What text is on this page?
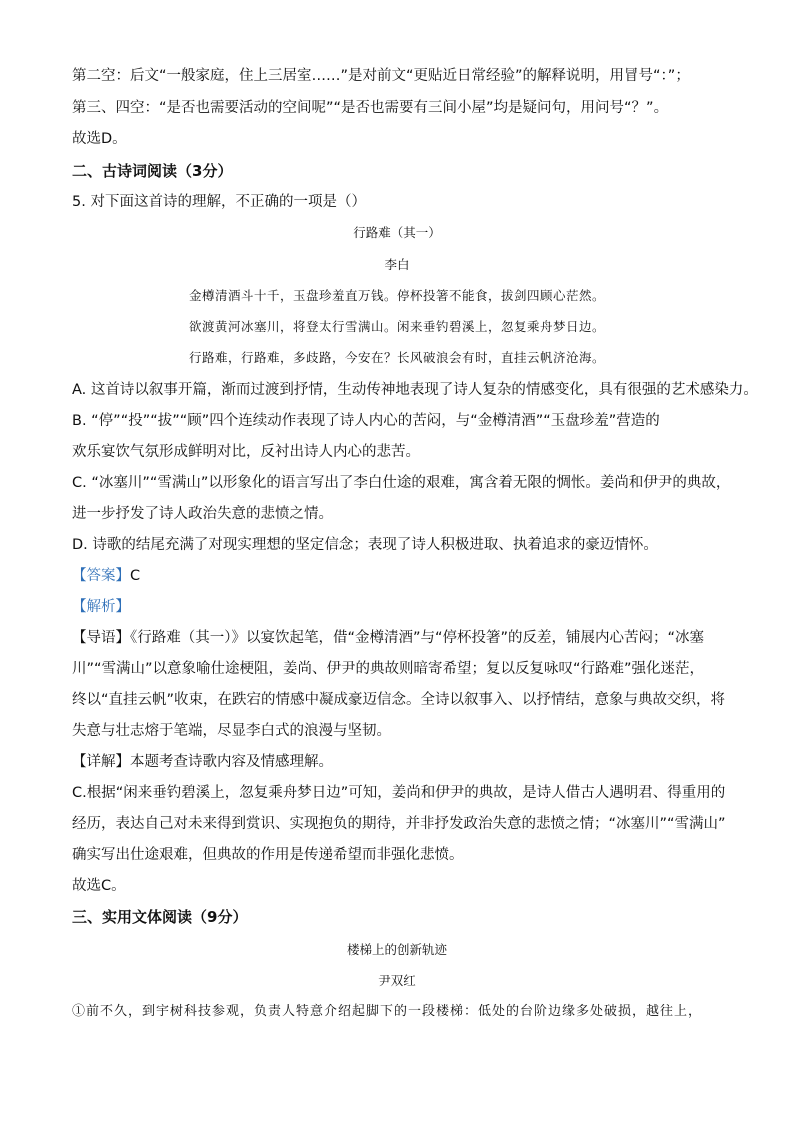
第二空：后文“一般家庭，住上三居室……”是对前文“更贴近日常经验”的解释说明，用冒号“：”；
第三、四空：“是否也需要活动的空间呢”“是否也需要有三间小屋”均是疑问句，用问号“？”。
故选D。
二、古诗词阅读（3分）
5. 对下面这首诗的理解，不正确的一项是（）
行路难（其一）
李白
金樽清酒斗十千，玉盘珍羞直万钱。停杯投箸不能食，拔剑四顾心茫然。
欲渡黄河冰塞川，将登太行雪满山。闲来垂钓碧溪上，忽复乘舟梦日边。
行路难，行路难，多歧路，今安在？长风破浪会有时，直挂云帆济沧海。
A. 这首诗以叙事开篇，渐而过渡到抒情，生动传神地表现了诗人复杂的情感变化，具有很强的艺术感染力。
B. “停”“投”“拔”“顾”四个连续动作表现了诗人内心的苦闷，与“金樽清酒”“玉盘珍羞”营造的
欢乐宴饮气氛形成鲜明对比，反衬出诗人内心的悲苦。
C. “冰塞川”“雪满山”以形象化的语言写出了李白仕途的艰难，寓含着无限的惆怅。姜尚和伊尹的典故，
进一步抒发了诗人政治失意的悲愤之情。
D. 诗歌的结尾充满了对现实理想的坚定信念；表现了诗人积极进取、执着追求的豪迈情怀。
【答案】C
【解析】
【导语】《行路难（其一）》以宴饮起笔，借“金樽清酒”与“停杯投箸”的反差，铺展内心苦闷；“冰塞
川”“雪满山”以意象喻仕途梗阻，姜尚、伊尹的典故则暗寄希望；复以反复咏叹“行路难”强化迷茫，
终以“直挂云帆”收束，在跌宕的情感中凝成豪迈信念。全诗以叙事入、以抒情结，意象与典故交织，将
失意与壮志熔于笔端，尽显李白式的浪漫与坚韧。
【详解】本题考查诗歌内容及情感理解。
C.根据“闲来垂钓碧溪上，忽复乘舟梦日边”可知，姜尚和伊尹的典故，是诗人借古人遇明君、得重用的
经历，表达自己对未来得到赏识、实现抱负的期待，并非抒发政治失意的悲愤之情；“冰塞川”“雪满山”
确实写出仕途艰难，但典故的作用是传递希望而非强化悲愤。
故选C。
三、实用文体阅读（9分）
楼梯上的创新轨迹
尹双红
①前不久，到宇树科技参观，负责人特意介绍起脚下的一段楼梯：低处的台阶边缘多处破损，越往上，
